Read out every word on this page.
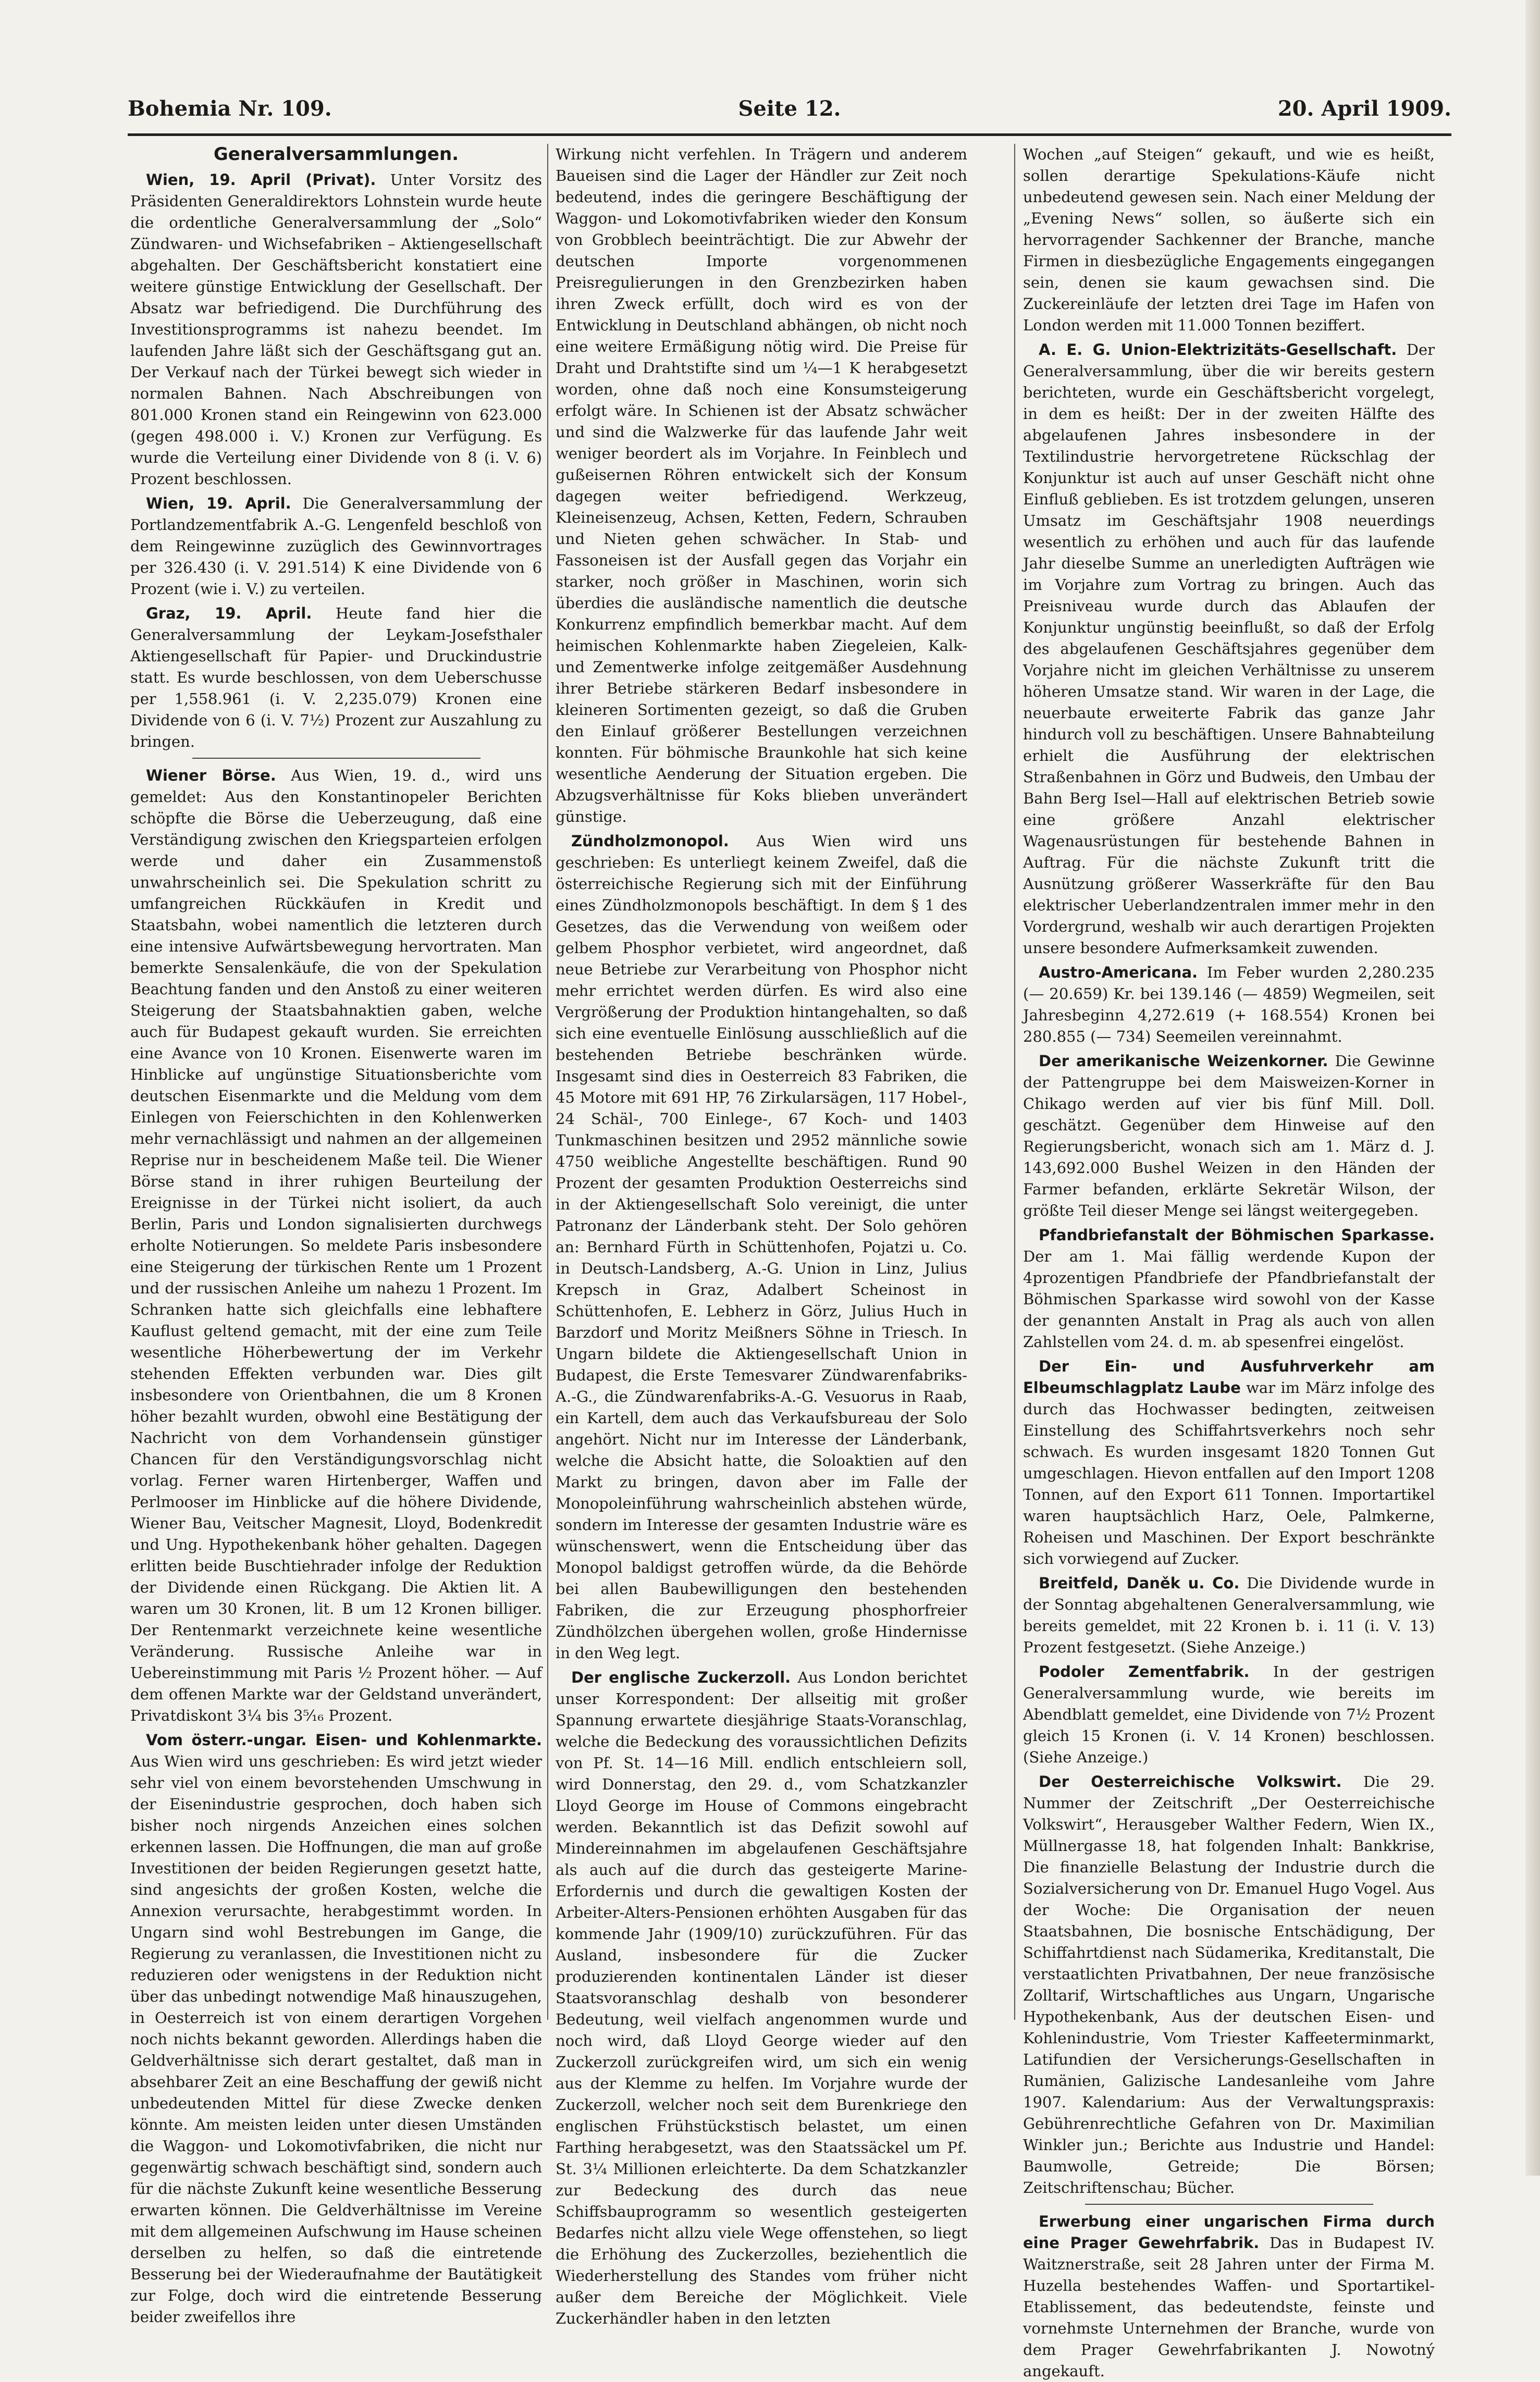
Bohemia Nr. 109.	Seite 12.	20. April 1909.
Generalversammlungen.

Wien, 19. April (Privat). Unter Vorsitz des Präsidenten Generaldirektors Lohnstein wurde heute die ordentliche Generalversammlung der „Solo“ Zündwaren- und Wichsefabriken – Aktiengesellschaft abgehalten. Der Geschäftsbericht konstatiert eine weitere günstige Entwicklung der Gesellschaft. Der Absatz war befriedigend. Die Durchführung des Investitionsprogramms ist nahezu beendet. Im laufenden Jahre läßt sich der Geschäftsgang gut an. Der Verkauf nach der Türkei bewegt sich wieder in normalen Bahnen. Nach Abschreibungen von 801.000 Kronen stand ein Reingewinn von 623.000 (gegen 498.000 i. V.) Kronen zur Verfügung. Es wurde die Verteilung einer Dividende von 8 (i. V. 6) Prozent beschlossen.

Wien, 19. April. Die Generalversammlung der Portlandzementfabrik A.-G. Lengenfeld beschloß von dem Reingewinne zuzüglich des Gewinnvortrages per 326.430 (i. V. 291.514) K eine Dividende von 6 Prozent (wie i. V.) zu verteilen.

Graz, 19. April. Heute fand hier die Generalversammlung der Leykam-Josefsthaler Aktiengesellschaft für Papier- und Druckindustrie statt. Es wurde beschlossen, von dem Ueberschusse per 1,558.961 (i. V. 2,235.079) Kronen eine Dividende von 6 (i. V. 7½) Prozent zur Auszahlung zu bringen.

Wiener Börse. Aus Wien, 19. d., wird uns gemeldet: Aus den Konstantinopeler Berichten schöpfte die Börse die Ueberzeugung, daß eine Verständigung zwischen den Kriegsparteien erfolgen werde und daher ein Zusammenstoß unwahrscheinlich sei. Die Spekulation schritt zu umfangreichen Rückkäufen in Kredit und Staatsbahn, wobei namentlich die letzteren durch eine intensive Aufwärtsbewegung hervortraten. Man bemerkte Sensalenkäufe, die von der Spekulation Beachtung fanden und den Anstoß zu einer weiteren Steigerung der Staatsbahnaktien gaben, welche auch für Budapest gekauft wurden. Sie erreichten eine Avance von 10 Kronen. Eisenwerte waren im Hinblicke auf ungünstige Situationsberichte vom deutschen Eisenmarkte und die Meldung vom dem Einlegen von Feierschichten in den Kohlenwerken mehr vernachlässigt und nahmen an der allgemeinen Reprise nur in bescheidenem Maße teil. Die Wiener Börse stand in ihrer ruhigen Beurteilung der Ereignisse in der Türkei nicht isoliert, da auch Berlin, Paris und London signalisierten durchwegs erholte Notierungen. So meldete Paris insbesondere eine Steigerung der türkischen Rente um 1 Prozent und der russischen Anleihe um nahezu 1 Prozent. Im Schranken hatte sich gleichfalls eine lebhaftere Kauflust geltend gemacht, mit der eine zum Teile wesentliche Höherbewertung der im Verkehr stehenden Effekten verbunden war. Dies gilt insbesondere von Orientbahnen, die um 8 Kronen höher bezahlt wurden, obwohl eine Bestätigung der Nachricht von dem Vorhandensein günstiger Chancen für den Verständigungsvorschlag nicht vorlag. Ferner waren Hirtenberger, Waffen und Perlmooser im Hinblicke auf die höhere Dividende, Wiener Bau, Veitscher Magnesit, Lloyd, Bodenkredit und Ung. Hypothekenbank höher gehalten. Dagegen erlitten beide Buschtiehrader infolge der Reduktion der Dividende einen Rückgang. Die Aktien lit. A waren um 30 Kronen, lit. B um 12 Kronen billiger. Der Rentenmarkt verzeichnete keine wesentliche Veränderung. Russische Anleihe war in Uebereinstimmung mit Paris ½ Prozent höher. — Auf dem offenen Markte war der Geldstand unverändert, Privatdiskont 3¼ bis 3⁵⁄₁₆ Prozent.

Vom österr.-ungar. Eisen- und Kohlenmarkte. Aus Wien wird uns geschrieben: Es wird jetzt wieder sehr viel von einem bevorstehenden Umschwung in der Eisenindustrie gesprochen, doch haben sich bisher noch nirgends Anzeichen eines solchen erkennen lassen. Die Hoffnungen, die man auf große Investitionen der beiden Regierungen gesetzt hatte, sind angesichts der großen Kosten, welche die Annexion verursachte, herabgestimmt worden. In Ungarn sind wohl Bestrebungen im Gange, die Regierung zu veranlassen, die Investitionen nicht zu reduzieren oder wenigstens in der Reduktion nicht über das unbedingt notwendige Maß hinauszugehen, in Oesterreich ist von einem derartigen Vorgehen noch nichts bekannt geworden. Allerdings haben die Geldverhältnisse sich derart gestaltet, daß man in absehbarer Zeit an eine Beschaffung der gewiß nicht unbedeutenden Mittel für diese Zwecke denken könnte. Am meisten leiden unter diesen Umständen die Waggon- und Lokomotivfabriken, die nicht nur gegenwärtig schwach beschäftigt sind, sondern auch für die nächste Zukunft keine wesentliche Besserung erwarten können. Die Geldverhältnisse im Vereine mit dem allgemeinen Aufschwung im Hause scheinen derselben zu helfen, so daß die eintretende Besserung bei der Wiederaufnahme der Bautätigkeit zur Folge, doch wird die eintretende Besserung beider zweifellos ihre

Wirkung nicht verfehlen. In Trägern und anderem Baueisen sind die Lager der Händler zur Zeit noch bedeutend, indes die geringere Beschäftigung der Waggon- und Lokomotivfabriken wieder den Konsum von Grobblech beeinträchtigt. Die zur Abwehr der deutschen Importe vorgenommenen Preisregulierungen in den Grenzbezirken haben ihren Zweck erfüllt, doch wird es von der Entwicklung in Deutschland abhängen, ob nicht noch eine weitere Ermäßigung nötig wird. Die Preise für Draht und Drahtstifte sind um ¼—1 K herabgesetzt worden, ohne daß noch eine Konsumsteigerung erfolgt wäre. In Schienen ist der Absatz schwächer und sind die Walzwerke für das laufende Jahr weit weniger beordert als im Vorjahre. In Feinblech und gußeisernen Röhren entwickelt sich der Konsum dagegen weiter befriedigend. Werkzeug, Kleineisenzeug, Achsen, Ketten, Federn, Schrauben und Nieten gehen schwächer. In Stab- und Fassoneisen ist der Ausfall gegen das Vorjahr ein starker, noch größer in Maschinen, worin sich überdies die ausländische namentlich die deutsche Konkurrenz empfindlich bemerkbar macht. Auf dem heimischen Kohlenmarkte haben Ziegeleien, Kalk- und Zementwerke infolge zeitgemäßer Ausdehnung ihrer Betriebe stärkeren Bedarf insbesondere in kleineren Sortimenten gezeigt, so daß die Gruben den Einlauf größerer Bestellungen verzeichnen konnten. Für böhmische Braunkohle hat sich keine wesentliche Aenderung der Situation ergeben. Die Abzugsverhältnisse für Koks blieben unverändert günstige.

Zündholzmonopol. Aus Wien wird uns geschrieben: Es unterliegt keinem Zweifel, daß die österreichische Regierung sich mit der Einführung eines Zündholzmonopols beschäftigt. In dem § 1 des Gesetzes, das die Verwendung von weißem oder gelbem Phosphor verbietet, wird angeordnet, daß neue Betriebe zur Verarbeitung von Phosphor nicht mehr errichtet werden dürfen. Es wird also eine Vergrößerung der Produktion hintangehalten, so daß sich eine eventuelle Einlösung ausschließlich auf die bestehenden Betriebe beschränken würde. Insgesamt sind dies in Oesterreich 83 Fabriken, die 45 Motore mit 691 HP, 76 Zirkularsägen, 117 Hobel-, 24 Schäl-, 700 Einlege-, 67 Koch- und 1403 Tunkmaschinen besitzen und 2952 männliche sowie 4750 weibliche Angestellte beschäftigen. Rund 90 Prozent der gesamten Produktion Oesterreichs sind in der Aktiengesellschaft Solo vereinigt, die unter Patronanz der Länderbank steht. Der Solo gehören an: Bernhard Fürth in Schüttenhofen, Pojatzi u. Co. in Deutsch-Landsberg, A.-G. Union in Linz, Julius Krepsch in Graz, Adalbert Scheinost in Schüttenhofen, E. Lebherz in Görz, Julius Huch in Barzdorf und Moritz Meißners Söhne in Triesch. In Ungarn bildete die Aktiengesellschaft Union in Budapest, die Erste Temesvarer Zündwarenfabriks-A.-G., die Zündwarenfabriks-A.-G. Vesuorus in Raab, ein Kartell, dem auch das Verkaufsbureau der Solo angehört. Nicht nur im Interesse der Länderbank, welche die Absicht hatte, die Soloaktien auf den Markt zu bringen, davon aber im Falle der Monopoleinführung wahrscheinlich abstehen würde, sondern im Interesse der gesamten Industrie wäre es wünschenswert, wenn die Entscheidung über das Monopol baldigst getroffen würde, da die Behörde bei allen Baubewilligungen den bestehenden Fabriken, die zur Erzeugung phosphorfreier Zündhölzchen übergehen wollen, große Hindernisse in den Weg legt.

Der englische Zuckerzoll. Aus London berichtet unser Korrespondent: Der allseitig mit großer Spannung erwartete diesjährige Staats-Voranschlag, welche die Bedeckung des voraussichtlichen Defizits von Pf. St. 14—16 Mill. endlich entschleiern soll, wird Donnerstag, den 29. d., vom Schatzkanzler Lloyd George im House of Commons eingebracht werden. Bekanntlich ist das Defizit sowohl auf Mindereinnahmen im abgelaufenen Geschäftsjahre als auch auf die durch das gesteigerte Marine-Erfordernis und durch die gewaltigen Kosten der Arbeiter-Alters-Pensionen erhöhten Ausgaben für das kommende Jahr (1909/10) zurückzuführen. Für das Ausland, insbesondere für die Zucker produzierenden kontinentalen Länder ist dieser Staatsvoranschlag deshalb von besonderer Bedeutung, weil vielfach angenommen wurde und noch wird, daß Lloyd George wieder auf den Zuckerzoll zurückgreifen wird, um sich ein wenig aus der Klemme zu helfen. Im Vorjahre wurde der Zuckerzoll, welcher noch seit dem Burenkriege den englischen Frühstückstisch belastet, um einen Farthing herabgesetzt, was den Staatssäckel um Pf. St. 3¼ Millionen erleichterte. Da dem Schatzkanzler zur Bedeckung des durch das neue Schiffsbauprogramm so wesentlich gesteigerten Bedarfes nicht allzu viele Wege offenstehen, so liegt die Erhöhung des Zuckerzolles, beziehentlich die Wiederherstellung des Standes vom früher nicht außer dem Bereiche der Möglichkeit. Viele Zuckerhändler haben in den letzten

Wochen „auf Steigen“ gekauft, und wie es heißt, sollen derartige Spekulations-Käufe nicht unbedeutend gewesen sein. Nach einer Meldung der „Evening News“ sollen, so äußerte sich ein hervorragender Sachkenner der Branche, manche Firmen in diesbezügliche Engagements eingegangen sein, denen sie kaum gewachsen sind. Die Zuckereinläufe der letzten drei Tage im Hafen von London werden mit 11.000 Tonnen beziffert.

A. E. G. Union-Elektrizitäts-Gesellschaft. Der Generalversammlung, über die wir bereits gestern berichteten, wurde ein Geschäftsbericht vorgelegt, in dem es heißt: Der in der zweiten Hälfte des abgelaufenen Jahres insbesondere in der Textilindustrie hervorgetretene Rückschlag der Konjunktur ist auch auf unser Geschäft nicht ohne Einfluß geblieben. Es ist trotzdem gelungen, unseren Umsatz im Geschäftsjahr 1908 neuerdings wesentlich zu erhöhen und auch für das laufende Jahr dieselbe Summe an unerledigten Aufträgen wie im Vorjahre zum Vortrag zu bringen. Auch das Preisniveau wurde durch das Ablaufen der Konjunktur ungünstig beeinflußt, so daß der Erfolg des abgelaufenen Geschäftsjahres gegenüber dem Vorjahre nicht im gleichen Verhältnisse zu unserem höheren Umsatze stand. Wir waren in der Lage, die neuerbaute erweiterte Fabrik das ganze Jahr hindurch voll zu beschäftigen. Unsere Bahnabteilung erhielt die Ausführung der elektrischen Straßenbahnen in Görz und Budweis, den Umbau der Bahn Berg Isel—Hall auf elektrischen Betrieb sowie eine größere Anzahl elektrischer Wagenausrüstungen für bestehende Bahnen in Auftrag. Für die nächste Zukunft tritt die Ausnützung größerer Wasserkräfte für den Bau elektrischer Ueberlandzentralen immer mehr in den Vordergrund, weshalb wir auch derartigen Projekten unsere besondere Aufmerksamkeit zuwenden.

Austro-Americana. Im Feber wurden 2,280.235 (— 20.659) Kr. bei 139.146 (— 4859) Wegmeilen, seit Jahresbeginn 4,272.619 (+ 168.554) Kronen bei 280.855 (— 734) Seemeilen vereinnahmt.

Der amerikanische Weizenkorner. Die Gewinne der Pattengruppe bei dem Maisweizen-Korner in Chikago werden auf vier bis fünf Mill. Doll. geschätzt. Gegenüber dem Hinweise auf den Regierungsbericht, wonach sich am 1. März d. J. 143,692.000 Bushel Weizen in den Händen der Farmer befanden, erklärte Sekretär Wilson, der größte Teil dieser Menge sei längst weitergegeben.

Pfandbriefanstalt der Böhmischen Sparkasse. Der am 1. Mai fällig werdende Kupon der 4prozentigen Pfandbriefe der Pfandbriefanstalt der Böhmischen Sparkasse wird sowohl von der Kasse der genannten Anstalt in Prag als auch von allen Zahlstellen vom 24. d. m. ab spesenfrei eingelöst.

Der Ein- und Ausfuhrverkehr am Elbeumschlagplatz Laube war im März infolge des durch das Hochwasser bedingten, zeitweisen Einstellung des Schiffahrtsverkehrs noch sehr schwach. Es wurden insgesamt 1820 Tonnen Gut umgeschlagen. Hievon entfallen auf den Import 1208 Tonnen, auf den Export 611 Tonnen. Importartikel waren hauptsächlich Harz, Oele, Palmkerne, Roheisen und Maschinen. Der Export beschränkte sich vorwiegend auf Zucker.

Breitfeld, Daněk u. Co. Die Dividende wurde in der Sonntag abgehaltenen Generalversammlung, wie bereits gemeldet, mit 22 Kronen b. i. 11 (i. V. 13) Prozent festgesetzt. (Siehe Anzeige.)

Podoler Zementfabrik. In der gestrigen Generalversammlung wurde, wie bereits im Abendblatt gemeldet, eine Dividende von 7½ Prozent gleich 15 Kronen (i. V. 14 Kronen) beschlossen. (Siehe Anzeige.)

Der Oesterreichische Volkswirt. Die 29. Nummer der Zeitschrift „Der Oesterreichische Volkswirt“, Herausgeber Walther Federn, Wien IX., Müllnergasse 18, hat folgenden Inhalt: Bankkrise, Die finanzielle Belastung der Industrie durch die Sozialversicherung von Dr. Emanuel Hugo Vogel. Aus der Woche: Die Organisation der neuen Staatsbahnen, Die bosnische Entschädigung, Der Schiffahrtdienst nach Südamerika, Kreditanstalt, Die verstaatlichten Privatbahnen, Der neue französische Zolltarif, Wirtschaftliches aus Ungarn, Ungarische Hypothekenbank, Aus der deutschen Eisen- und Kohlenindustrie, Vom Triester Kaffeeterminmarkt, Latifundien der Versicherungs-Gesellschaften in Rumänien, Galizische Landesanleihe vom Jahre 1907. Kalendarium: Aus der Verwaltungspraxis: Gebührenrechtliche Gefahren von Dr. Maximilian Winkler jun.; Berichte aus Industrie und Handel: Baumwolle, Getreide; Die Börsen; Zeitschriftenschau; Bücher.

Erwerbung einer ungarischen Firma durch eine Prager Gewehrfabrik. Das in Budapest IV. Waitznerstraße, seit 28 Jahren unter der Firma M. Huzella bestehendes Waffen- und Sportartikel-Etablissement, das bedeutendste, feinste und vornehmste Unternehmen der Branche, wurde von dem Prager Gewehrfabrikanten J. Nowotný angekauft.
